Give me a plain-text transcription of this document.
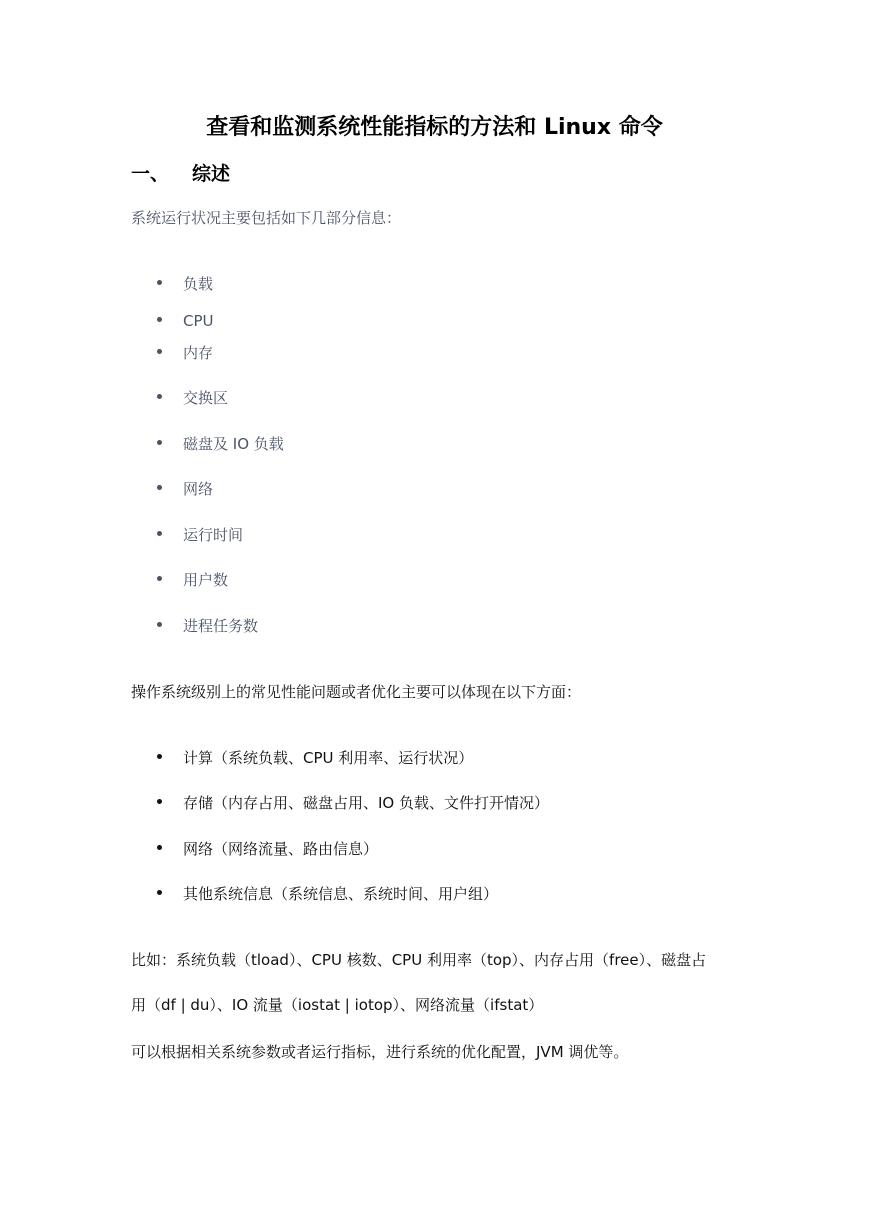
查看和监测系统性能指标的方法和 Linux 命令
一、 综述
系统运行状况主要包括如下几部分信息：
负载
CPU
内存
交换区
磁盘及 IO 负载
网络
运行时间
用户数
进程任务数
操作系统级别上的常见性能问题或者优化主要可以体现在以下方面：
计算（系统负载、CPU 利用率、运行状况）
存储（内存占用、磁盘占用、IO 负载、文件打开情况）
网络（网络流量、路由信息）
其他系统信息（系统信息、系统时间、用户组）
比如：系统负载（tload）、CPU 核数、CPU 利用率（top）、内存占用（free）、磁盘占
用（df | du）、IO 流量（iostat | iotop）、网络流量（ifstat）
可以根据相关系统参数或者运行指标，进行系统的优化配置，JVM 调优等。
